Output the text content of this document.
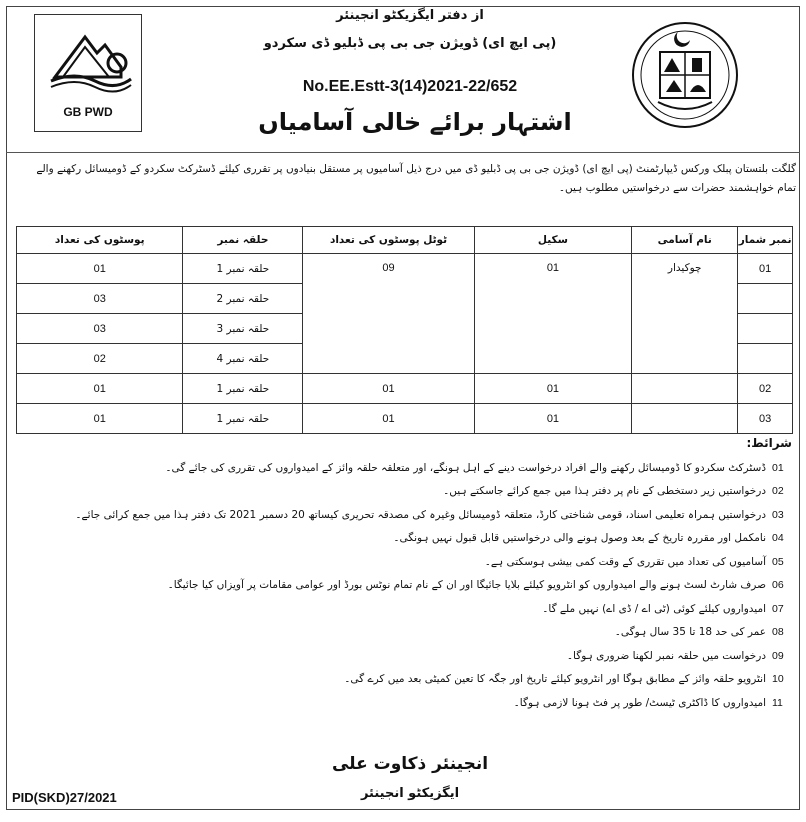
GB PWD
از دفتر ایگزیکٹو انجینئر
(پی ایچ ای) ڈویژن جی بی پی ڈبلیو ڈی سکردو
No.EE.Estt-3(14)2021-22/652
اشتہار برائے خالی آسامیاں
گلگت بلتستان پبلک ورکس ڈیپارٹمنٹ (پی ایچ ای) ڈویژن جی بی پی ڈبلیو ڈی میں درج ذیل آسامیوں پر مستقل بنیادوں پر تقرری کیلئے ڈسٹرکٹ سکردو کے ڈومیسائل رکھنے والے تمام خواہشمند حضرات سے درخواستیں مطلوب ہیں۔
پوسٹوں کی تعداد	حلقہ نمبر	ٹوٹل پوسٹوں کی تعداد	سکیل	نام آسامی	نمبر شمار
01	حلقہ نمبر 1	09	01	چوکیدار	01
03	حلقہ نمبر 2				
03	حلقہ نمبر 3				
02	حلقہ نمبر 4				
01	حلقہ نمبر 1	01	01		02
01	حلقہ نمبر 1	01	01		03
شرائط:
ڈسٹرکٹ سکردو کا ڈومیسائل رکھنے والے افراد درخواست دینے کے اہل ہونگے، اور متعلقہ حلقہ وائز کے امیدواروں کی تقرری کی جائے گی۔ 01
درخواستیں زیر دستخطی کے نام پر دفتر ہذا میں جمع کرائے جاسکتے ہیں۔ 02
درخواستیں ہمراہ تعلیمی اسناد، قومی شناختی کارڈ، متعلقہ ڈومیسائل وغیرہ کی مصدقہ تحریری کیساتھ 20 دسمبر 2021 تک دفتر ہذا میں جمع کرائی جائے۔ 03
نامکمل اور مقررہ تاریخ کے بعد وصول ہونے والی درخواستیں قابل قبول نہیں ہونگی۔ 04
آسامیوں کی تعداد میں تقرری کے وقت کمی بیشی ہوسکتی ہے۔ 05
صرف شارٹ لسٹ ہونے والے امیدواروں کو انٹرویو کیلئے بلایا جائیگا اور ان کے نام تمام نوٹس بورڈ اور عوامی مقامات پر آویزاں کیا جائیگا۔ 06
امیدواروں کیلئے کوئی (ٹی اے / ڈی اے) نہیں ملے گا۔ 07
عمر کی حد 18 تا 35 سال ہوگی۔ 08
درخواست میں حلقہ نمبر لکھنا ضروری ہوگا۔ 09
انٹرویو حلقہ وائز کے مطابق ہوگا اور انٹرویو کیلئے تاریخ اور جگہ کا تعین کمیٹی بعد میں کرے گی۔ 10
امیدواروں کا ڈاکٹری ٹیسٹ/ طور پر فٹ ہونا لازمی ہوگا۔ 11
انجینئر ذکاوت علی
ایگزیکٹو انجینئر
PID(SKD)27/2021
